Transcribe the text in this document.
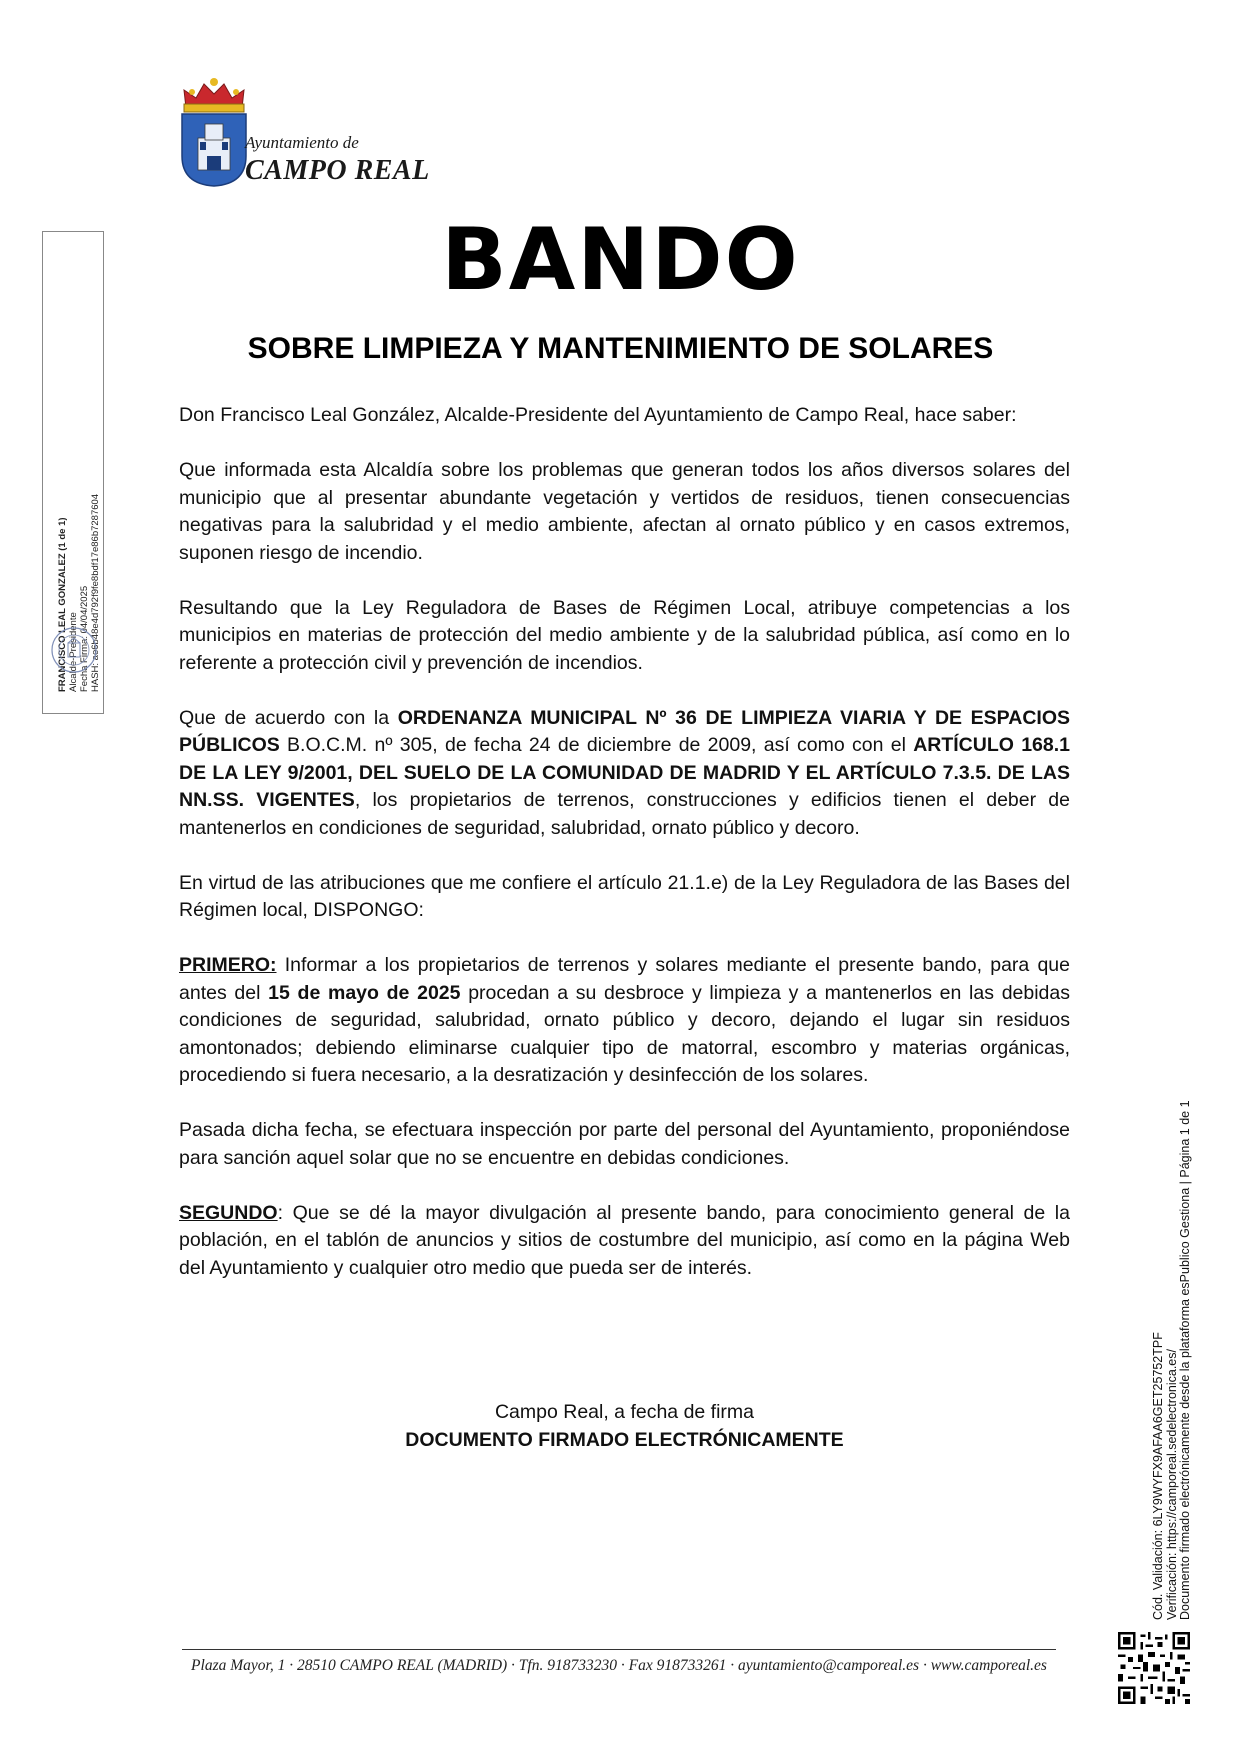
Ayuntamiento de
CAMPO REAL
BANDO
SOBRE LIMPIEZA Y MANTENIMIENTO DE SOLARES

Don Francisco Leal González, Alcalde-Presidente del Ayuntamiento de Campo Real, hace saber:

Que informada esta Alcaldía sobre los problemas que generan todos los años diversos solares del municipio que al presentar abundante vegetación y vertidos de residuos, tienen consecuencias negativas para la salubridad y el medio ambiente, afectan al ornato público y en casos extremos, suponen riesgo de incendio.

Resultando que la Ley Reguladora de Bases de Régimen Local, atribuye competencias a los municipios en materias de protección del medio ambiente y de la salubridad pública, así como en lo referente a protección civil y prevención de incendios.

Que de acuerdo con la ORDENANZA MUNICIPAL Nº 36 DE LIMPIEZA VIARIA Y DE ESPACIOS PÚBLICOS B.O.C.M. nº 305, de fecha 24 de diciembre de 2009, así como con el ARTÍCULO 168.1 DE LA LEY 9/2001, DEL SUELO DE LA COMUNIDAD DE MADRID Y EL ARTÍCULO 7.3.5. DE LAS NN.SS. VIGENTES, los propietarios de terrenos, construcciones y edificios tienen el deber de mantenerlos en condiciones de seguridad, salubridad, ornato público y decoro.

En virtud de las atribuciones que me confiere el artículo 21.1.e) de la Ley Reguladora de las Bases del Régimen local, DISPONGO:

PRIMERO: Informar a los propietarios de terrenos y solares mediante el presente bando, para que antes del 15 de mayo de 2025 procedan a su desbroce y limpieza y a mantenerlos en las debidas condiciones de seguridad, salubridad, ornato público y decoro, dejando el lugar sin residuos amontonados; debiendo eliminarse cualquier tipo de matorral, escombro y materias orgánicas, procediendo si fuera necesario, a la desratización y desinfección de los solares.

Pasada dicha fecha, se efectuara inspección por parte del personal del Ayuntamiento, proponiéndose para sanción aquel solar que no se encuentre en debidas condiciones.

SEGUNDO: Que se dé la mayor divulgación al presente bando, para conocimiento general de la población, en el tablón de anuncios y sitios de costumbre del municipio, así como en la página Web del Ayuntamiento y cualquier otro medio que pueda ser de interés.

Campo Real, a fecha de firma
DOCUMENTO FIRMADO ELECTRÓNICAMENTE
FRANCISCO LEAL GONZALEZ (1 de 1) Alcalde-Presidente Fecha Firma: 04/04/2025 HASH: ae6b48e4d792f9fe8bdf17e86b7287604
Cód. Validación: 6LY9WYFX9AFAA6GET25752TPF Verificación: https://camporeal.sedelectronica.es/ Documento firmado electrónicamente desde la plataforma esPublico Gestiona | Página 1 de 1
Plaza Mayor, 1 · 28510 CAMPO REAL (MADRID) · Tfn. 918733230 · Fax 918733261 · ayuntamiento@camporeal.es · www.camporeal.es
